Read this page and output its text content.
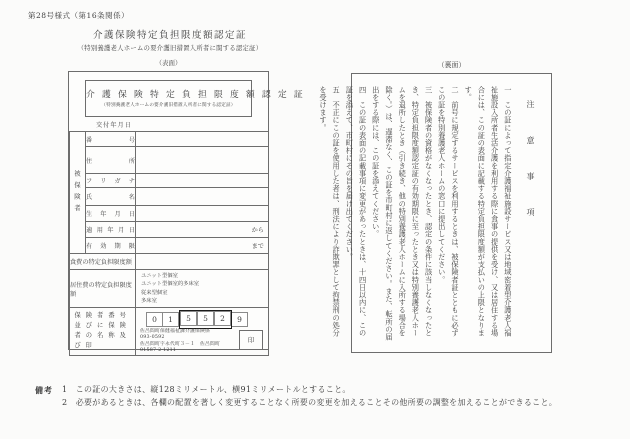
第28号様式（第16条関係）
介護保険特定負担限度額認定証
（特別養護老人ホームの要介護旧措置入所者に関する認定証）
（表面）	（裏面）
介 護 保 険 特 定 負 担 限 度 額 認 定 証
（特別養護老人ホームの要介護旧措置入所者に関する認定証）
交付年月日
被保険者	番号	
	住所	
	フリガナ	
	氏名	
	生年月日	
	適用年月日	から
	有効期限	まで
食費の特定負担限度額		
居住費の特定負担限度額		ユニット型個室
ユニット型個室的多床室
従来型個室
多床室

保険者番号並びに保険者の名称及び印

0	1	5	5	2	9
佐呂間町保健福祉課介護保険係
093-0592
佐呂間町字永代町３－１　佐呂間町
01587-2-1211
印
注　意　事　項
一　この証によって指定介護福祉施設サービス又は地域密着型介護老人福祉施設入所者生活介護を利用する際に食事の提供を受け、又は居住する場合には、この証の表面に記載する特定負担限度額が支払いの上限となります。
二　前号に規定するサービスを利用するときは、被保険者証とともに必ずこの証を特別養護老人ホームの窓口に提出してください。
三　被保険者の資格がなくなったとき、認定の条件に該当しなくなったとき、特定負担限度額認定証の有効期限に至ったとき又は特別養護老人ホームを退所したとき（引き続き、他の特別養護老人ホームに入所する場合を除く。）は、遅滞なく、この証を市町村に返してください。また、転所の届出をする際には、この証を添えてください。
四　この証の表面の記載事項に変更があったときは、十四日以内に、この証を添えて、市町村にその旨を届け出てください。
五　不正にこの証を使用した者は、刑法により詐欺罪として拘禁刑の処分を受けます。
備考 1　この証の大きさは、縦128ミリメートル、横91ミリメートルとすること。
2　必要があるときは、各欄の配置を著しく変更することなく所要の変更を加えることその他所要の調整を加えることができること。
